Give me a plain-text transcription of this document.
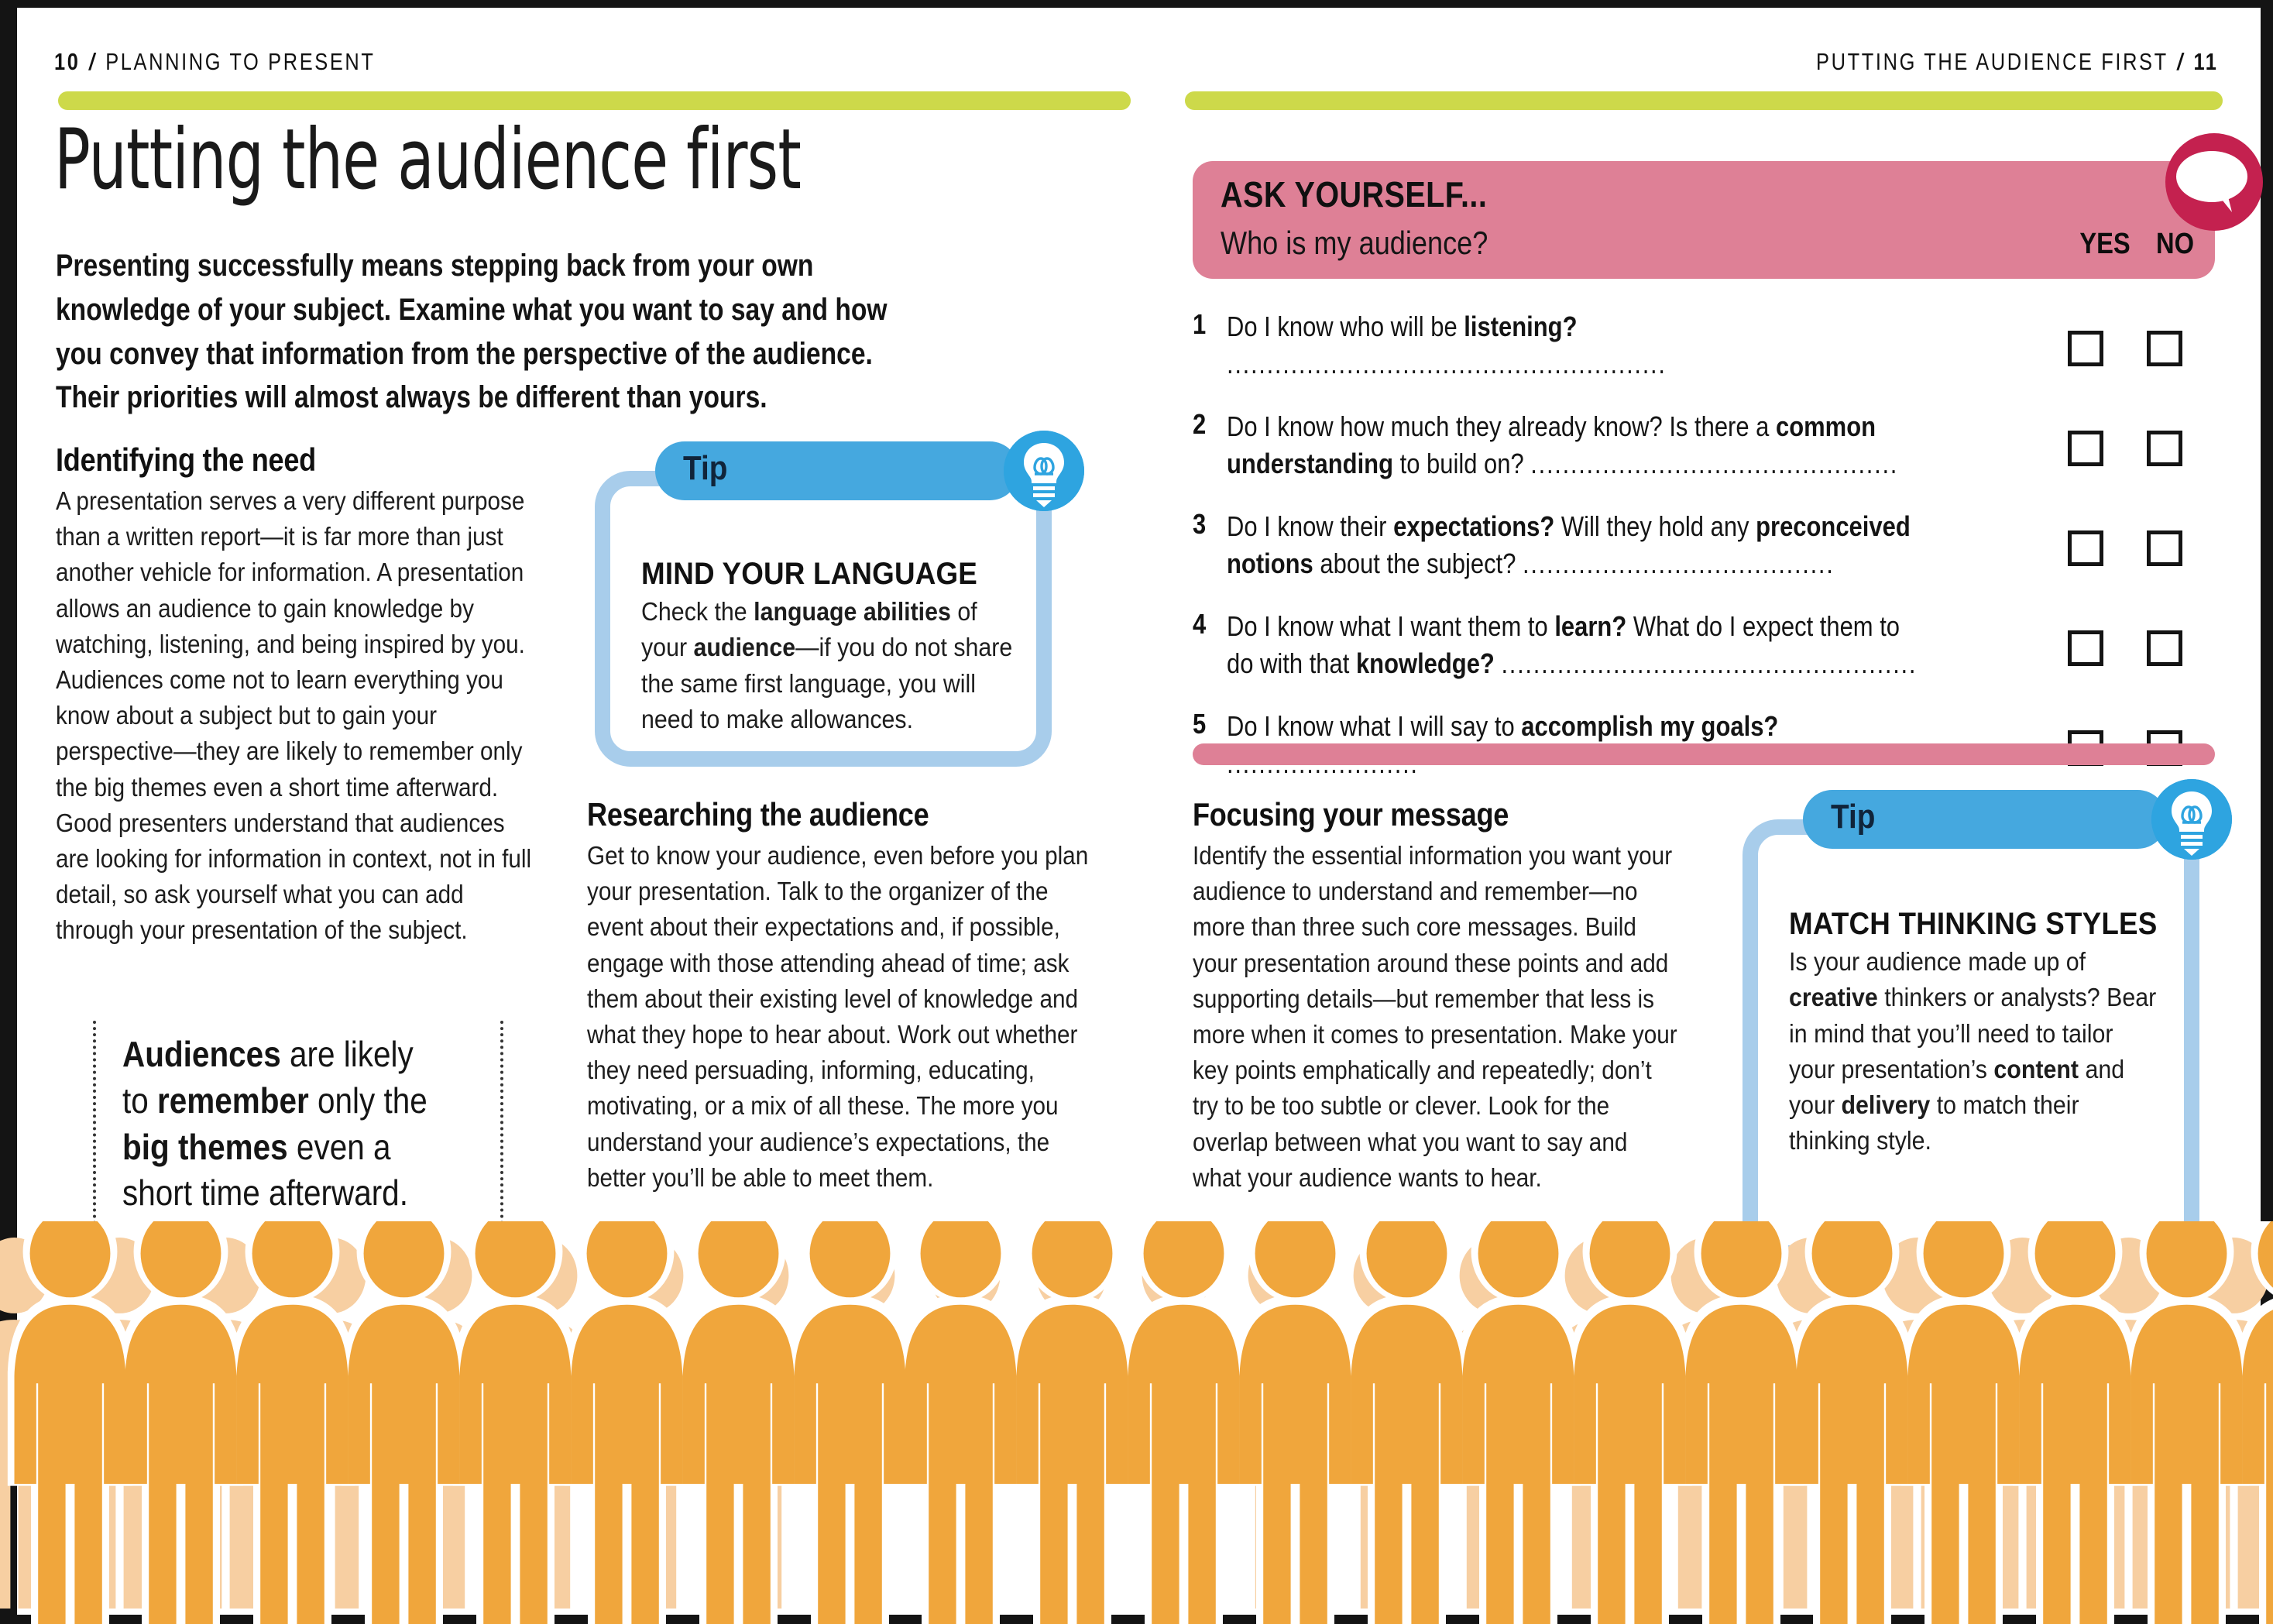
10 / PLANNING TO PRESENT	PUTTING THE AUDIENCE FIRST / 11
Putting the audience first
Presenting successfully means stepping back from your own knowledge of your subject. Examine what you want to say and how you convey that information from the perspective of the audience. Their priorities will almost always be different than yours.
Identifying the need
A presentation serves a very different purpose than a written report—it is far more than just another vehicle for information. A presentation allows an audience to gain knowledge by watching, listening, and being inspired by you. Audiences come not to learn everything you know about a subject but to gain your perspective—they are likely to remember only the big themes even a short time afterward. Good presenters understand that audiences are looking for information in context, not in full detail, so ask yourself what you can add through your presentation of the subject.

Audiences are likely to remember only the big themes even a short time afterward.

Researching the audience
Get to know your audience, even before you plan your presentation. Talk to the organizer of the event about their expectations and, if possible, engage with those attending ahead of time; ask them about their existing level of knowledge and what they hope to hear about. Work out whether they need persuading, informing, educating, motivating, or a mix of all these. The more you understand your audience’s expectations, the better you’ll be able to meet them.
Tip
MIND YOUR LANGUAGE
Check the language abilities of your audience—if you do not share the same first language, you will need to make allowances.
ASK YOURSELF...
Who is my audience?	YES NO
1 Do I know who will be listening? .......................................................
2 Do I know how much they already know? Is there a common understanding to build on? ..............................................
3 Do I know their expectations? Will they hold any preconceived notions about the subject? .......................................
4 Do I know what I want them to learn? What do I expect them to do with that knowledge? ....................................................
5 Do I know what I will say to accomplish my goals?
Focusing your message
Identify the essential information you want your audience to understand and remember—no more than three such core messages. Build your presentation around these points and add supporting details—but remember that less is more when it comes to presentation. Make your key points emphatically and repeatedly; don’t try to be too subtle or clever. Look for the overlap between what you want to say and what your audience wants to hear.
Tip
MATCH THINKING STYLES
Is your audience made up of creative thinkers or analysts? Bear in mind that you’ll need to tailor your presentation’s content and your delivery to match their thinking style.
